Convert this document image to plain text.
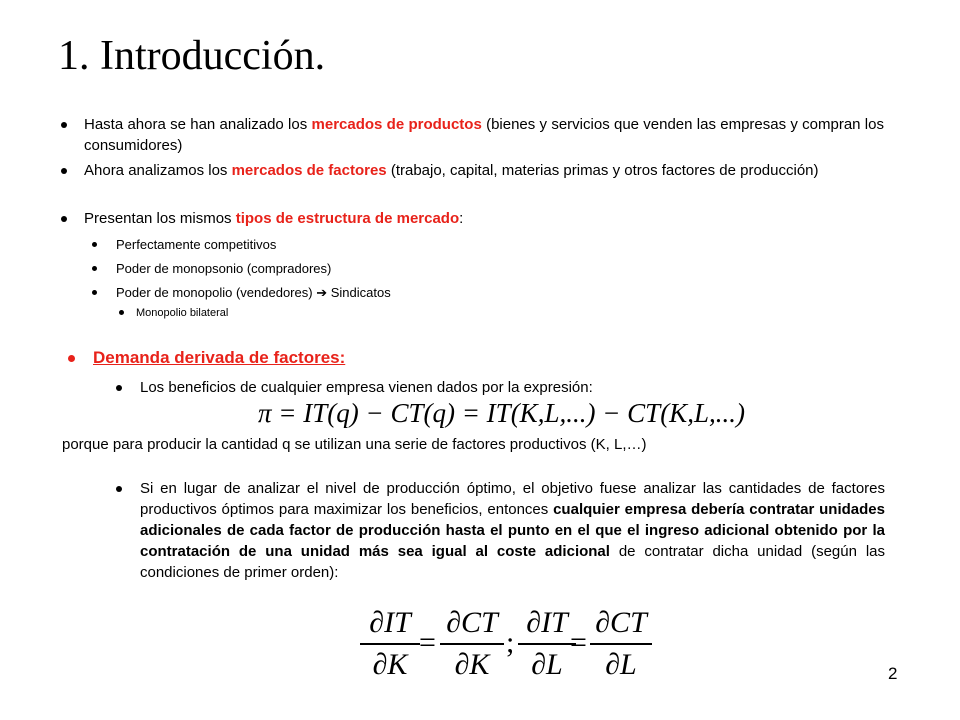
1. Introducción.
Hasta ahora se han analizado los mercados de productos (bienes y servicios que venden las empresas y compran los consumidores)
Ahora analizamos los mercados de factores (trabajo, capital, materias primas y otros factores de producción)
Presentan los mismos tipos de estructura de mercado:
Perfectamente competitivos
Poder de monopsonio (compradores)
Poder de monopolio (vendedores) ➔ Sindicatos
Monopolio bilateral
Demanda derivada de factores:
Los beneficios de cualquier empresa vienen dados por la expresión:
π = IT(q) − CT(q) = IT(K,L,...) − CT(K,L,...)
porque para producir la cantidad q se utilizan una serie de factores productivos (K, L,…)
Si en lugar de analizar el nivel de producción óptimo, el objetivo fuese analizar las cantidades de factores productivos óptimos para maximizar los beneficios, entonces cualquier empresa debería contratar unidades adicionales de cada factor de producción hasta el punto en el que el ingreso adicional obtenido por la contratación de una unidad más sea igual al coste adicional de contratar dicha unidad (según las condiciones de primer orden):
∂IT
∂K
=
∂CT
∂K
;
∂IT
∂L
=
∂CT
∂L	2
